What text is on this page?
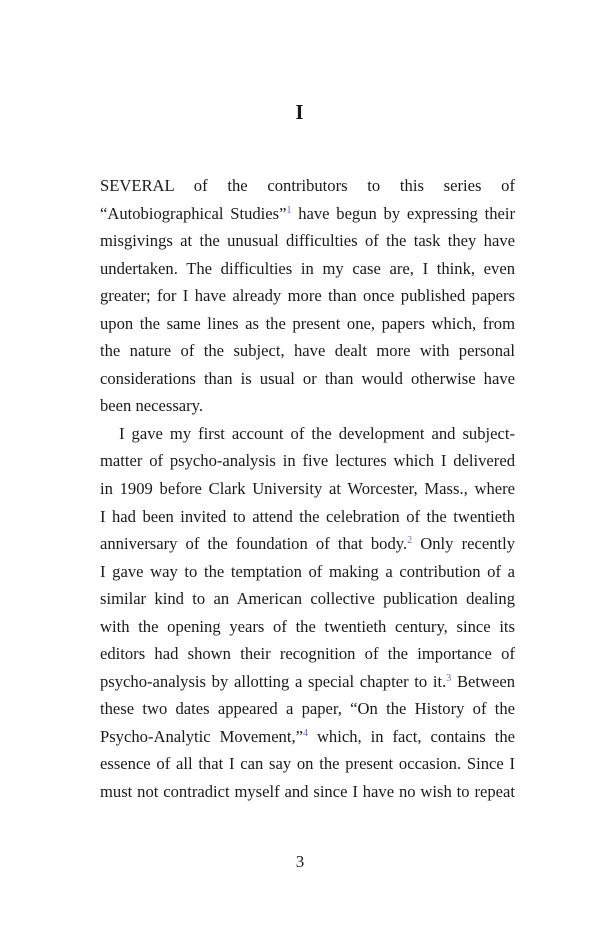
I

SEVERAL of the contributors to this series of
“Autobiographical Studies”$^1$ have begun by expressing their
misgivings at the unusual difficulties of the task they have
undertaken. The difficulties in my case are, I think, even
greater; for I have already more than once published papers
upon the same lines as the present one, papers which, from
the nature of the subject, have dealt more with personal
considerations than is usual or than would otherwise have
been necessary.

I gave my first account of the development and subject-
matter of psycho-analysis in five lectures which I delivered
in 1909 before Clark University at Worcester, Mass., where
I had been invited to attend the celebration of the twentieth
anniversary of the foundation of that body.$^2$ Only recently
I gave way to the temptation of making a contribution of a
similar kind to an American collective publication dealing
with the opening years of the twentieth century, since its
editors had shown their recognition of the importance of
psycho-analysis by allotting a special chapter to it.$^3$ Between
these two dates appeared a paper, “On the History of the
Psycho-Analytic Movement,”$^4$ which, in fact, contains the
essence of all that I can say on the present occasion. Since I
must not contradict myself and since I have no wish to repeat

3
